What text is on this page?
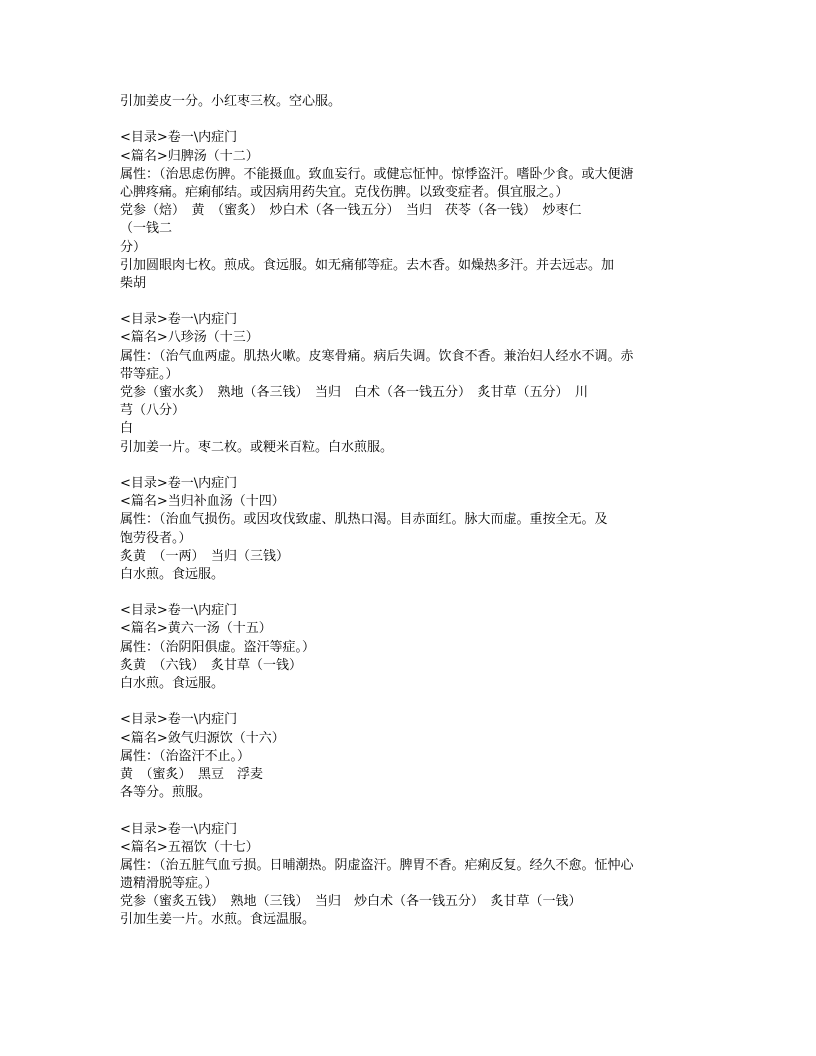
引加姜皮一分。小红枣三枚。空心服。
<目录>卷一\内症门
<篇名>归脾汤（十二）
属性：（治思虑伤脾。不能摄血。致血妄行。或健忘怔忡。惊悸盗汗。嗜卧少食。或大便溏
心脾疼痛。疟痢郁结。或因病用药失宜。克伐伤脾。以致变症者。俱宜服之。）
党参（焙）　黄　（蜜炙）　炒白术（各一钱五分）　当归　茯苓（各一钱）　炒枣仁
（一钱二
分）
引加圆眼肉七枚。煎成。食远服。如无痛郁等症。去木香。如燥热多汗。并去远志。加
柴胡
<目录>卷一\内症门
<篇名>八珍汤（十三）
属性：（治气血两虚。肌热火嗽。皮寒骨痛。病后失调。饮食不香。兼治妇人经水不调。赤
带等症。）
党参（蜜水炙）　熟地（各三钱）　当归　白术（各一钱五分）　炙甘草（五分）　川
芎（八分）
白
引加姜一片。枣二枚。或粳米百粒。白水煎服。
<目录>卷一\内症门
<篇名>当归补血汤（十四）
属性：（治血气损伤。或因攻伐致虚、肌热口渴。目赤面红。脉大而虚。重按全无。及
饱劳役者。）
炙黄　（一两）　当归（三钱）
白水煎。食远服。
<目录>卷一\内症门
<篇名>黄六一汤（十五）
属性：（治阴阳俱虚。盗汗等症。）
炙黄　（六钱）　炙甘草（一钱）
白水煎。食远服。
<目录>卷一\内症门
<篇名>敛气归源饮（十六）
属性：（治盗汗不止。）
黄　（蜜炙）　黑豆　浮麦
各等分。煎服。
<目录>卷一\内症门
<篇名>五福饮（十七）
属性：（治五脏气血亏损。日晡潮热。阴虚盗汗。脾胃不香。疟痢反复。经久不愈。怔忡心
遗精滑脱等症。）
党参（蜜炙五钱）　熟地（三钱）　当归　炒白术（各一钱五分）　炙甘草（一钱）
引加生姜一片。水煎。食远温服。
